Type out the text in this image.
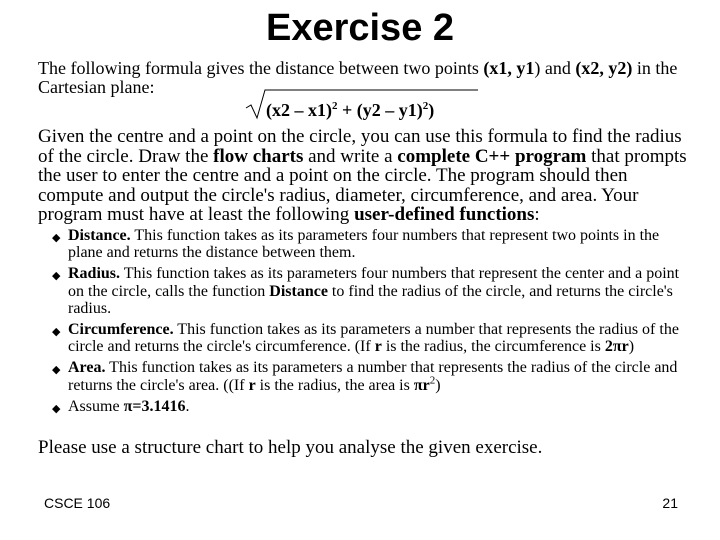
Exercise 2
The following formula gives the distance between two points (x1, y1) and (x2, y2) in the Cartesian plane:
(x2 – x1)$^2$ + (y2 – y1)$^2$)
Given the centre and a point on the circle, you can use this formula to find the radius of the circle. Draw the flow charts and write a complete C++ program that prompts the user to enter the centre and a point on the circle. The program should then compute and output the circle's radius, diameter, circumference, and area. Your program must have at least the following user-defined functions:
◆ Distance. This function takes as its parameters four numbers that represent two points in the plane and returns the distance between them.
◆ Radius. This function takes as its parameters four numbers that represent the center and a point on the circle, calls the function Distance to find the radius of the circle, and returns the circle's radius.
◆ Circumference. This function takes as its parameters a number that represents the radius of the circle and returns the circle's circumference. (If r is the radius, the circumference is 2πr)
◆ Area. This function takes as its parameters a number that represents the radius of the circle and returns the circle's area. ((If r is the radius, the area is $\pi r^2$)
◆ Assume π=3.1416.
Please use a structure chart to help you analyse the given exercise.
CSCE 106	21
